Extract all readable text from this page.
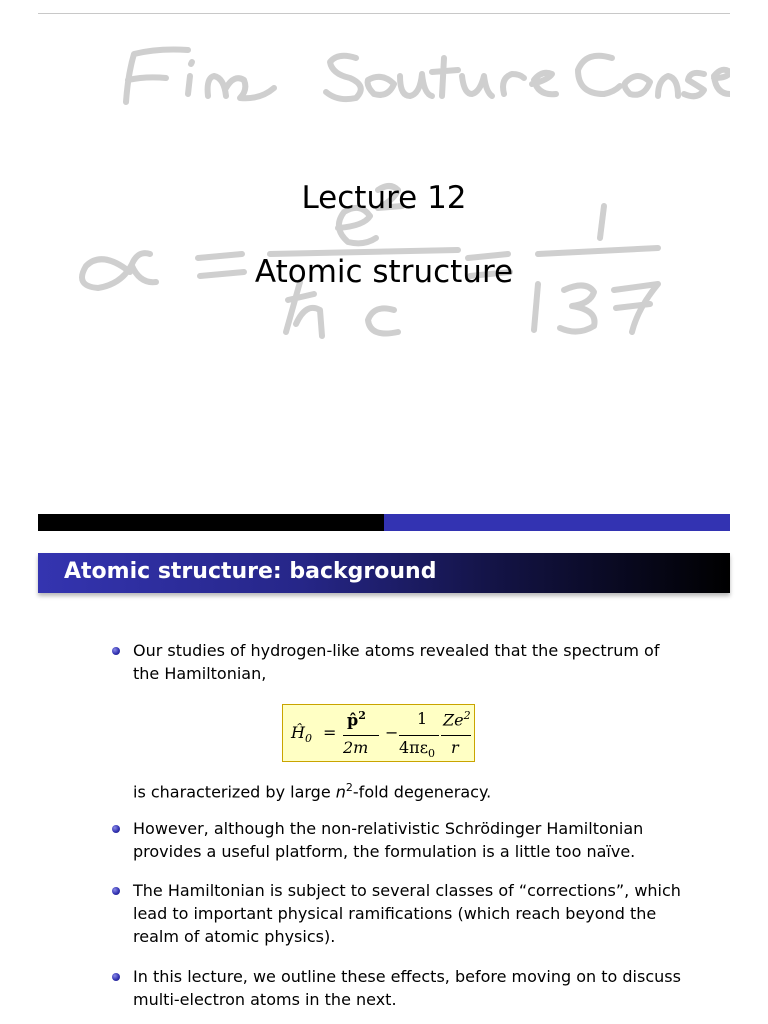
Lecture 12
Atomic structure
Atomic structure: background
Our studies of hydrogen-like atoms revealed that the spectrum of
the Hamiltonian,
$Ĥ_0$ =
p̂$^2$
2m
−
1
$4\pi\varepsilon_0$
Ze$^2$
r
is characterized by large $n^2$-fold degeneracy.
However, although the non-relativistic Schrödinger Hamiltonian
provides a useful platform, the formulation is a little too naïve.
The Hamiltonian is subject to several classes of “corrections”, which
lead to important physical ramifications (which reach beyond the
realm of atomic physics).
In this lecture, we outline these effects, before moving on to discuss
multi-electron atoms in the next.
